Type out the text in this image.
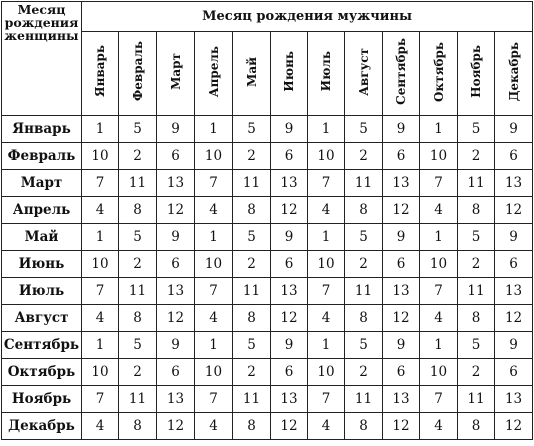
Месяц
рождения
женщины	Месяц рождения мужчины											
	Январь	Февраль	Март	Апрель	Май	Июнь	Июль	Август	Сентябрь	Октябрь	Ноябрь	Декабрь
Январь	1	5	9	1	5	9	1	5	9	1	5	9
Февраль	10	2	6	10	2	6	10	2	6	10	2	6
Март	7	11	13	7	11	13	7	11	13	7	11	13
Апрель	4	8	12	4	8	12	4	8	12	4	8	12
Май	1	5	9	1	5	9	1	5	9	1	5	9
Июнь	10	2	6	10	2	6	10	2	6	10	2	6
Июль	7	11	13	7	11	13	7	11	13	7	11	13
Август	4	8	12	4	8	12	4	8	12	4	8	12
Сентябрь	1	5	9	1	5	9	1	5	9	1	5	9
Октябрь	10	2	6	10	2	6	10	2	6	10	2	6
Ноябрь	7	11	13	7	11	13	7	11	13	7	11	13
Декабрь	4	8	12	4	8	12	4	8	12	4	8	12
